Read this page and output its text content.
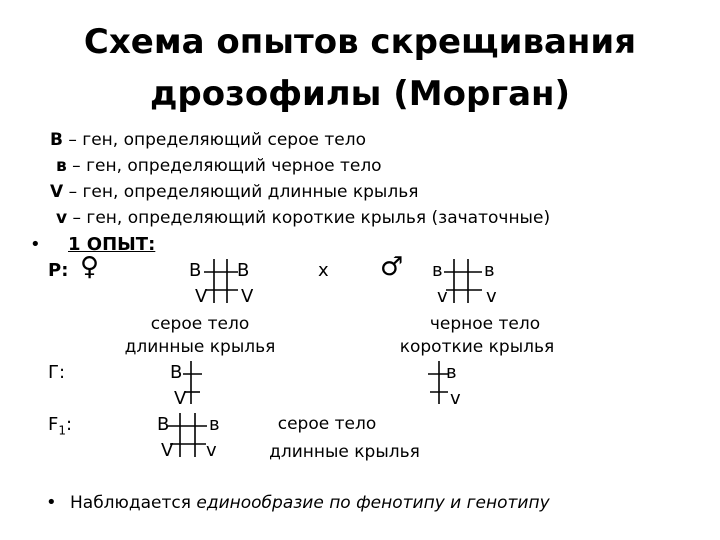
Схема опытов скрещивания
дрозофилы (Морган)
В – ген, определяющий серое тело
в – ген, определяющий черное тело
V – ген, определяющий длинные крылья
v – ген, определяющий короткие крылья (зачаточные)
• 1 ОПЫТ:
Р: ♀	х ♂
В В
V V
в в
v v
серое тело
длинные крылья
черное тело
короткие крылья
Г:	В
V
в
v
$F_1$:	В в
V v
серое тело
длинные крылья
• Наблюдается единообразие по фенотипу и генотипу
